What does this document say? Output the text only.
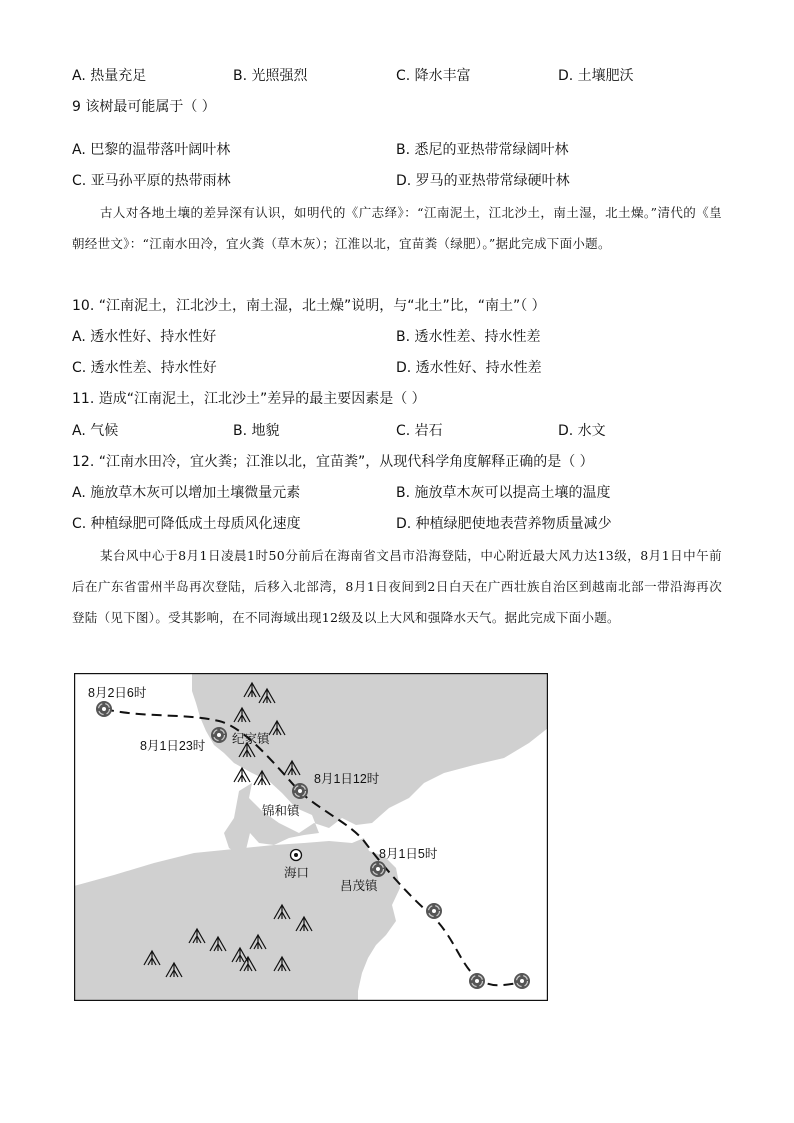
A. 热量充足	B. 光照强烈	C. 降水丰富	D. 土壤肥沃
9 该树最可能属于（ ）
A. 巴黎的温带落叶阔叶林	B. 悉尼的亚热带常绿阔叶林
C. 亚马孙平原的热带雨林	D. 罗马的亚热带常绿硬叶林
古人对各地土壤的差异深有认识，如明代的《广志绎》：“江南泥土，江北沙土，南土湿，北土燥。”清代的《皇朝经世文》：“江南水田冷，宜火粪（草木灰）；江淮以北，宜苗粪（绿肥）。”据此完成下面小题。
10. “江南泥土，江北沙土，南土湿，北土燥”说明，与“北土”比，“南土”（ ）
A. 透水性好、持水性好	B. 透水性差、持水性差
C. 透水性差、持水性好	D. 透水性好、持水性差
11. 造成“江南泥土，江北沙土”差异的最主要因素是（ ）
A. 气候	B. 地貌	C. 岩石	D. 水文
12. “江南水田冷，宜火粪；江淮以北，宜苗粪”，从现代科学角度解释正确的是（ ）
A. 施放草木灰可以增加土壤微量元素	B. 施放草木灰可以提高土壤的温度
C. 种植绿肥可降低成土母质风化速度	D. 种植绿肥使地表营养物质量减少
某台风中心于8月1日凌晨1时50分前后在海南省文昌市沿海登陆，中心附近最大风力达13级，8月1日中午前后在广东省雷州半岛再次登陆，后移入北部湾，8月1日夜间到2日白天在广西壮族自治区到越南北部一带沿海再次登陆（见下图）。受其影响，在不同海域出现12级及以上大风和强降水天气。据此完成下面小题。
8月2日6时
8月1日23时 纪家镇
8月1日12时
锦和镇
8月1日5时
海口
昌茂镇
